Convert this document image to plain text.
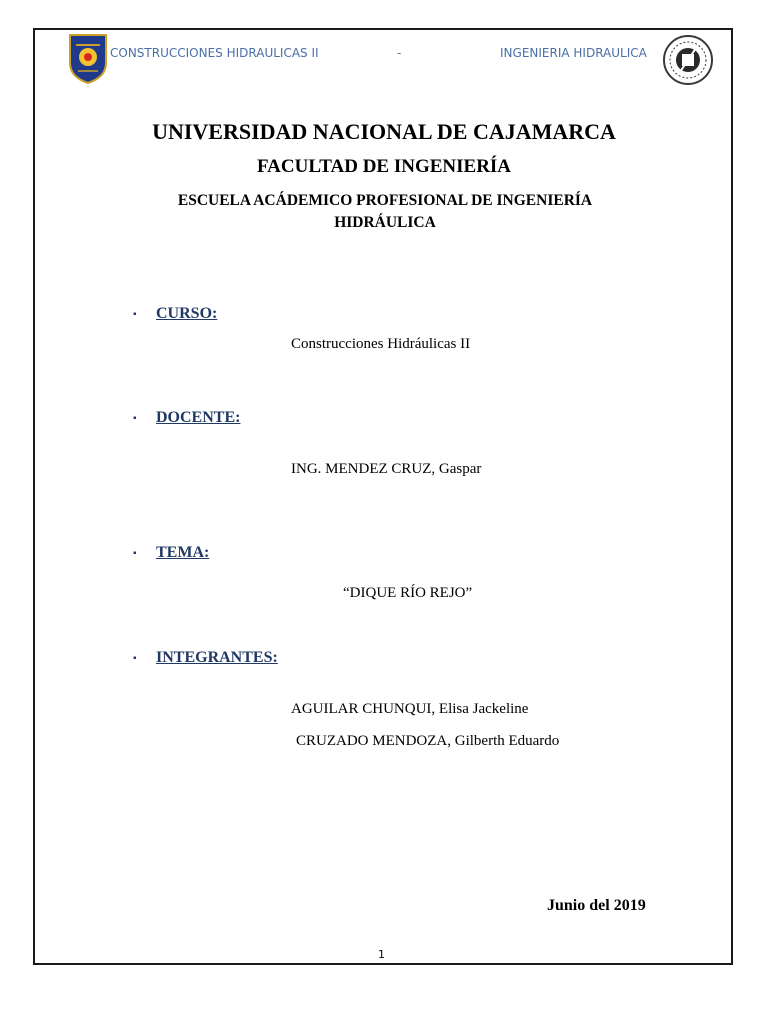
CONSTRUCCIONES HIDRAULICAS II	-	INGENIERIA HIDRAULICA
UNIVERSIDAD NACIONAL DE CAJAMARCA
FACULTAD DE INGENIERÍA
ESCUELA ACÁDEMICO PROFESIONAL DE INGENIERÍA HIDRÁULICA
▪ CURSO:
Construcciones Hidráulicas II
▪ DOCENTE:
ING. MENDEZ CRUZ, Gaspar
▪ TEMA:
“DIQUE RÍO REJO”
▪ INTEGRANTES:
AGUILAR CHUNQUI, Elisa Jackeline
CRUZADO MENDOZA, Gilberth Eduardo
Junio del 2019
1
